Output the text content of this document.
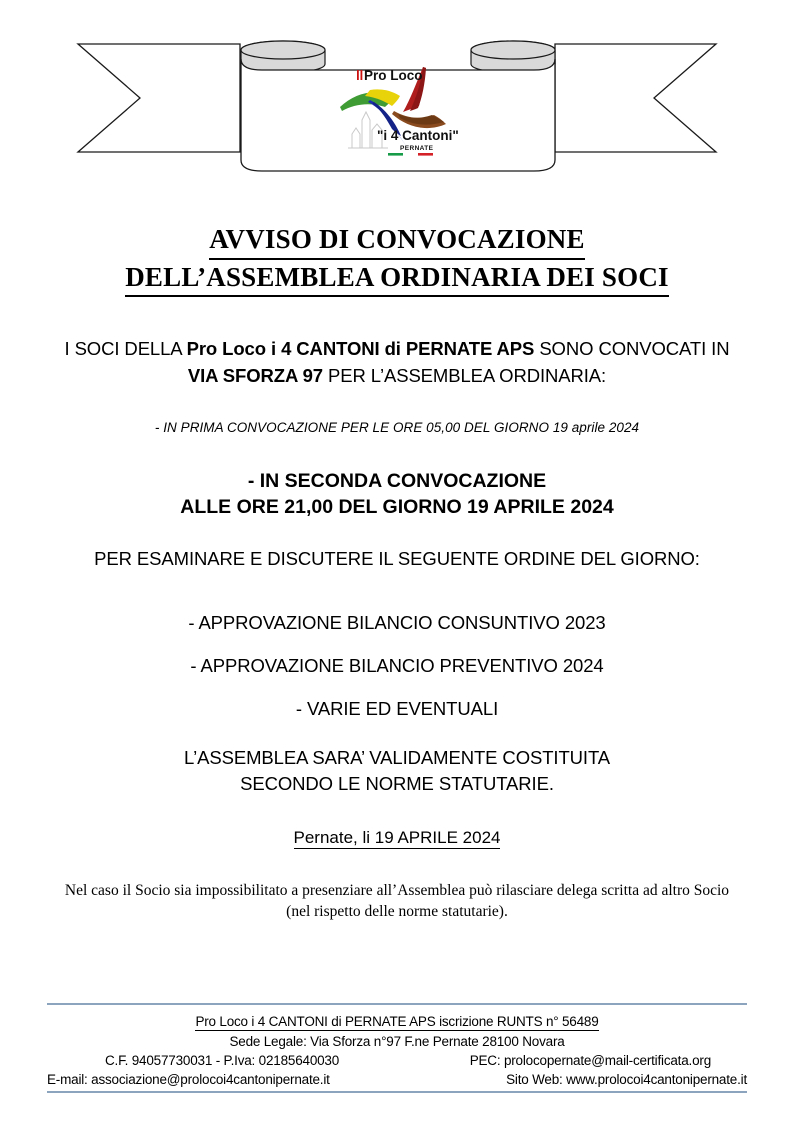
Pro Loco
"i 4 Cantoni"
PERNATE
AVVISO DI CONVOCAZIONE
DELL’ASSEMBLEA ORDINARIA DEI SOCI
I SOCI DELLA Pro Loco i 4 CANTONI di PERNATE APS SONO CONVOCATI IN VIA SFORZA 97 PER L’ASSEMBLEA ORDINARIA:
- IN PRIMA CONVOCAZIONE PER LE ORE 05,00 DEL GIORNO 19 aprile 2024
- IN SECONDA CONVOCAZIONE
ALLE ORE 21,00 DEL GIORNO 19 APRILE 2024
PER ESAMINARE E DISCUTERE IL SEGUENTE ORDINE DEL GIORNO:
- APPROVAZIONE BILANCIO CONSUNTIVO 2023
- APPROVAZIONE BILANCIO PREVENTIVO 2024
- VARIE ED EVENTUALI
L’ASSEMBLEA SARA’ VALIDAMENTE COSTITUITA
SECONDO LE NORME STATUTARIE.
Pernate, li 19 APRILE 2024
Nel caso il Socio sia impossibilitato a presenziare all’Assemblea può rilasciare delega scritta ad altro Socio
(nel rispetto delle norme statutarie).
Pro Loco i 4 CANTONI di PERNATE APS iscrizione RUNTS n° 56489
Sede Legale: Via Sforza n°97 F.ne Pernate 28100 Novara
C.F. 94057730031 - P.Iva: 02185640030	PEC: prolocopernate@mail-certificata.org
E-mail: associazione@prolocoi4cantonipernate.it	Sito Web: www.prolocoi4cantonipernate.it
